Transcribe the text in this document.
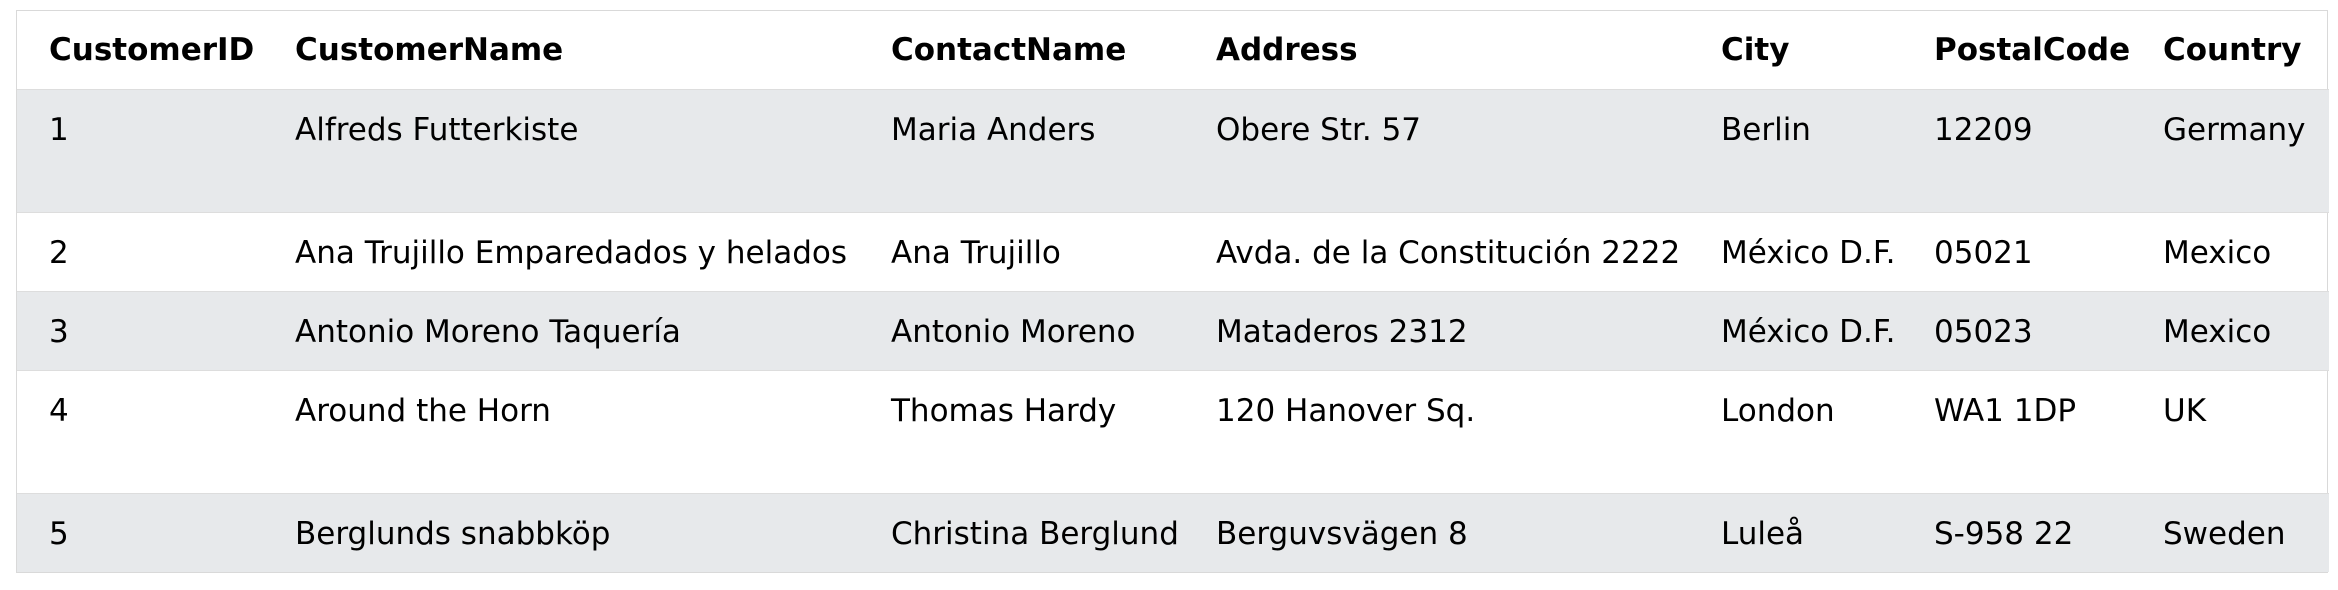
CustomerID	CustomerName	ContactName	Address	City	PostalCode	Country
1	Alfreds Futterkiste	Maria Anders	Obere Str. 57	Berlin	12209	Germany
2	Ana Trujillo Emparedados y helados	Ana Trujillo	Avda. de la Constitución 2222	México D.F.	05021	Mexico
3	Antonio Moreno Taquería	Antonio Moreno	Mataderos 2312	México D.F.	05023	Mexico
4	Around the Horn	Thomas Hardy	120 Hanover Sq.	London	WA1 1DP	UK
5	Berglunds snabbköp	Christina Berglund	Berguvsvägen 8	Luleå	S-958 22	Sweden
